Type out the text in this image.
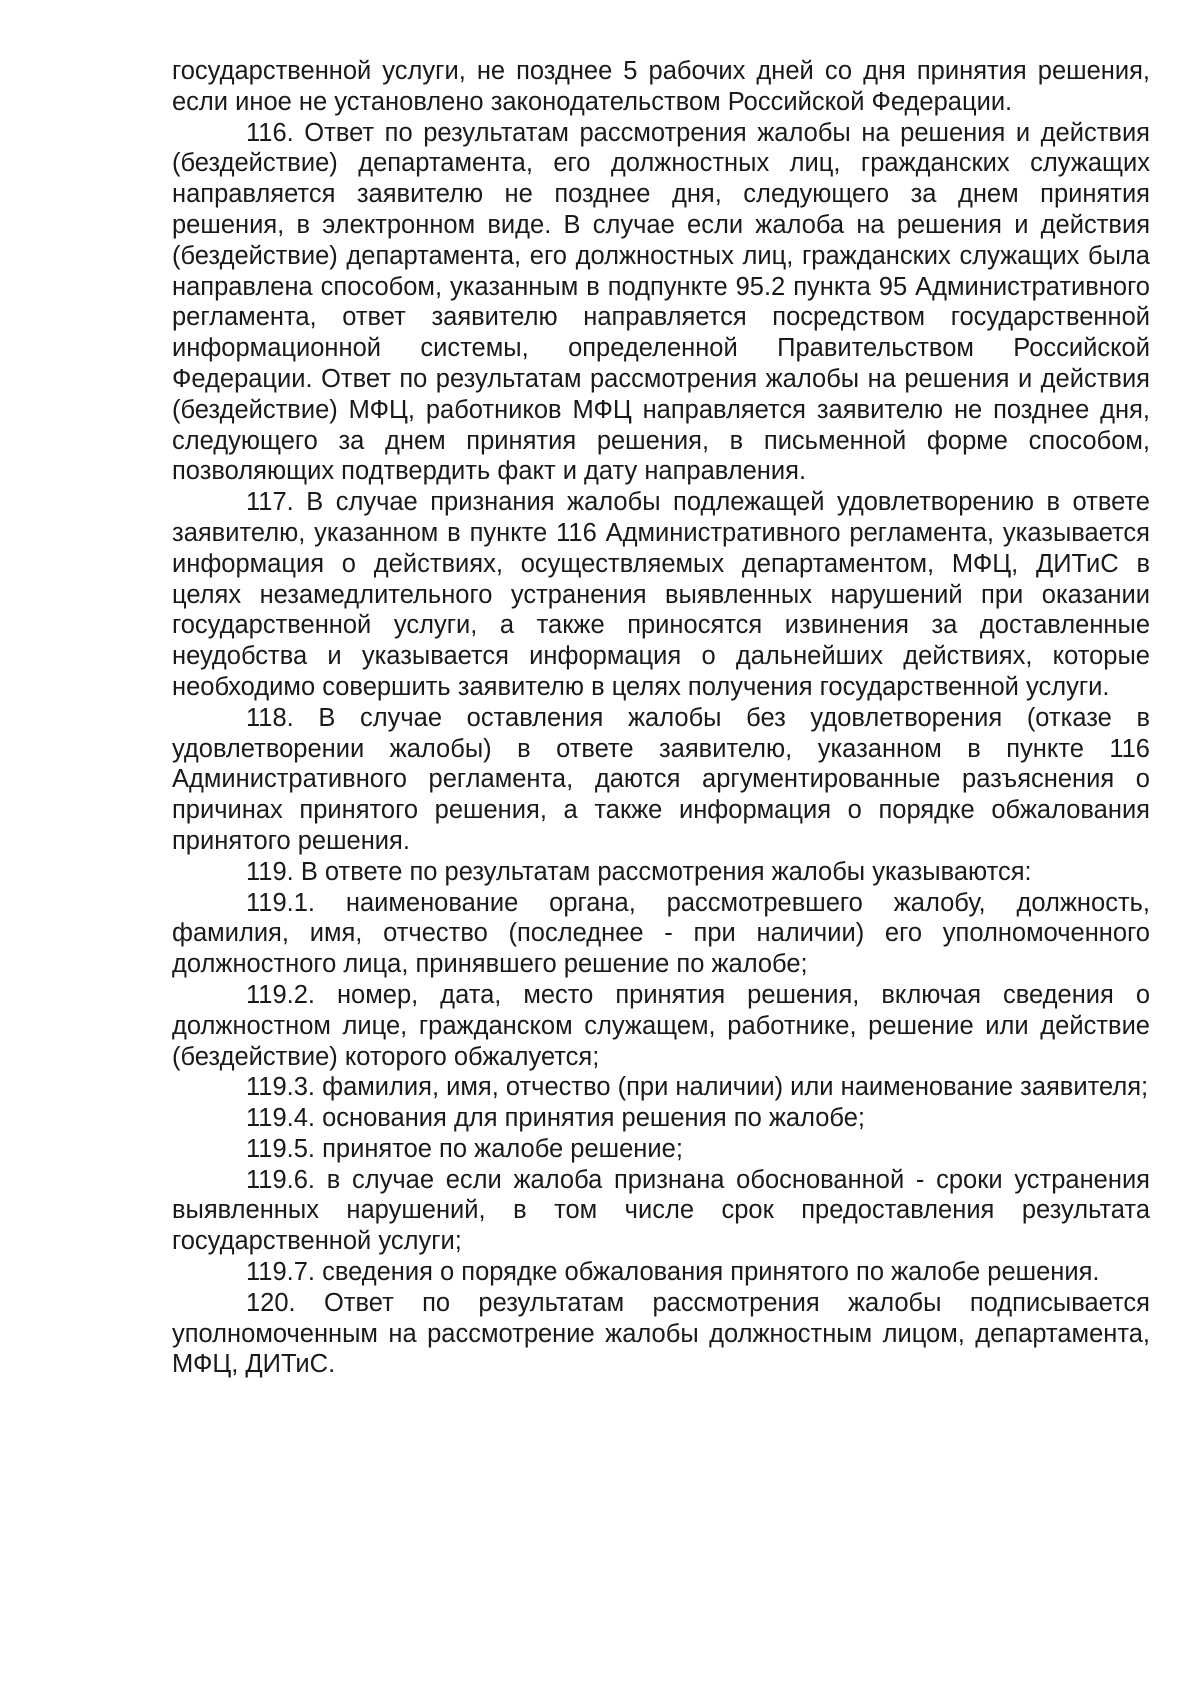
государственной услуги, не позднее 5 рабочих дней со дня принятия решения, если иное не установлено законодательством Российской Федерации.

116. Ответ по результатам рассмотрения жалобы на решения и действия (бездействие) департамента, его должностных лиц, гражданских служащих направляется заявителю не позднее дня, следующего за днем принятия решения, в электронном виде. В случае если жалоба на решения и действия (бездействие) департамента, его должностных лиц, гражданских служащих была направлена способом, указанным в подпункте 95.2 пункта 95 Административного регламента, ответ заявителю направляется посредством государственной информационной системы, определенной Правительством Российской Федерации. Ответ по результатам рассмотрения жалобы на решения и действия (бездействие) МФЦ, работников МФЦ направляется заявителю не позднее дня, следующего за днем принятия решения, в письменной форме способом, позволяющих подтвердить факт и дату направления.

117. В случае признания жалобы подлежащей удовлетворению в ответе заявителю, указанном в пункте 116 Административного регламента, указывается информация о действиях, осуществляемых департаментом, МФЦ, ДИТиС в целях незамедлительного устранения выявленных нарушений при оказании государственной услуги, а также приносятся извинения за доставленные неудобства и указывается информация о дальнейших действиях, которые необходимо совершить заявителю в целях получения государственной услуги.

118. В случае оставления жалобы без удовлетворения (отказе в удовлетворении жалобы) в ответе заявителю, указанном в пункте 116 Административного регламента, даются аргументированные разъяснения о причинах принятого решения, а также информация о порядке обжалования принятого решения.

119. В ответе по результатам рассмотрения жалобы указываются:

119.1. наименование органа, рассмотревшего жалобу, должность, фамилия, имя, отчество (последнее - при наличии) его уполномоченного должностного лица, принявшего решение по жалобе;

119.2. номер, дата, место принятия решения, включая сведения о должностном лице, гражданском служащем, работнике, решение или действие (бездействие) которого обжалуется;

119.3. фамилия, имя, отчество (при наличии) или наименование заявителя;

119.4. основания для принятия решения по жалобе;

119.5. принятое по жалобе решение;

119.6. в случае если жалоба признана обоснованной - сроки устранения выявленных нарушений, в том числе срок предоставления результата государственной услуги;

119.7. сведения о порядке обжалования принятого по жалобе решения.

120. Ответ по результатам рассмотрения жалобы подписывается уполномоченным на рассмотрение жалобы должностным лицом, департамента, МФЦ, ДИТиС.
